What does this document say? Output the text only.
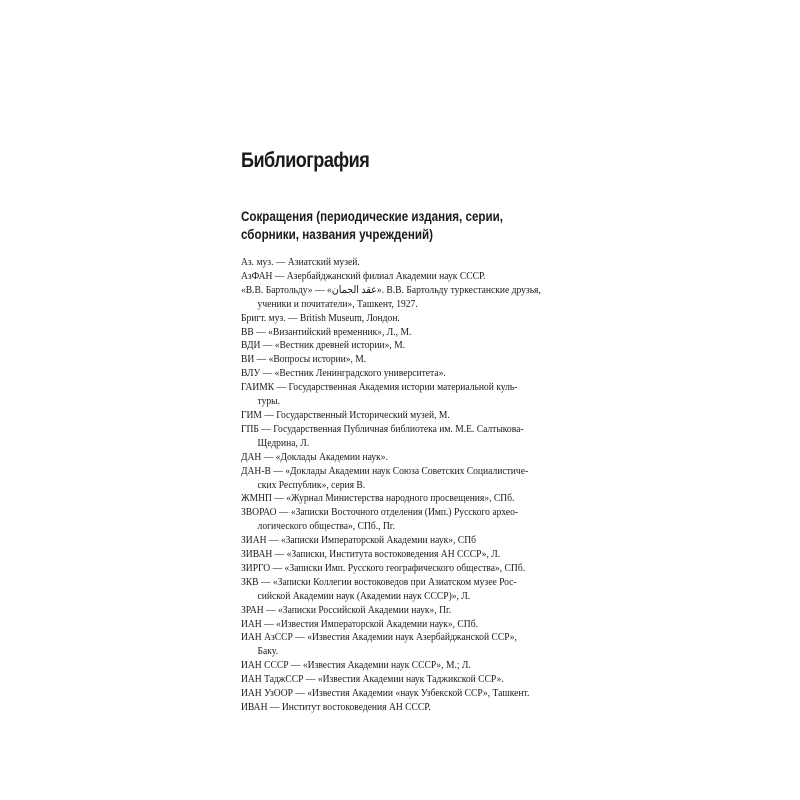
Библиография
Сокращения (периодические издания, серии,
сборники, названия учреждений)

Аз. муз. — Азиатский музей.

АзФАН — Азербайджанский филиал Академии наук СССР.

«В.В. Бартольду» — «عقد الجمان». В.В. Бартольду туркестанские друзья,
ученики и почитатели», Ташкент, 1927.

Бригт. муз. — British Museum, Лондон.

ВВ — «Византийский временник», Л., М.

ВДИ — «Вестник древней истории», М.

ВИ — «Вопросы истории», М.

ВЛУ — «Вестник Ленинградского университета».

ГАИМК — Государственная Академия истории материальной куль-
туры.

ГИМ — Государственный Исторический музей, М.

ГПБ — Государственная Публичная библиотека им. М.Е. Салтыкова-
Щедрина, Л.

ДАН — «Доклады Академии наук».

ДАН-В — «Доклады Академии наук Союза Советских Социалистиче-
ских Республик», серия В.

ЖМНП — «Журнал Министерства народного просвещения», СПб.

ЗВОРАО — «Записки Восточного отделения (Имп.) Русского архео-
логического общества», СПб., Пг.

ЗИАН — «Записки Императорской Академии наук», СПб

ЗИВАН — «Записки, Института востоковедения АН СССР», Л.

ЗИРГО — «Записки Имп. Русского географического общества», СПб.

ЗКВ — «Записки Коллегии востоковедов при Азиатском музее Рос-
сийской Академии наук (Академии наук СССР)», Л.

ЗРАН — «Записки Российской Академии наук», Пг.

ИАН — «Известия Императорской Академии наук», СПб.

ИАН АзССР — «Известия Академии наук Азербайджанской ССР»,
Баку.

ИАН СССР — «Известия Академии наук СССР», М.; Л.

ИАН ТаджССР — «Известия Академии наук Таджикской ССР».

ИАН УзООР — «Известия Академии «наук Узбекской ССР», Ташкент.

ИВАН — Институт востоковедения АН СССР.
